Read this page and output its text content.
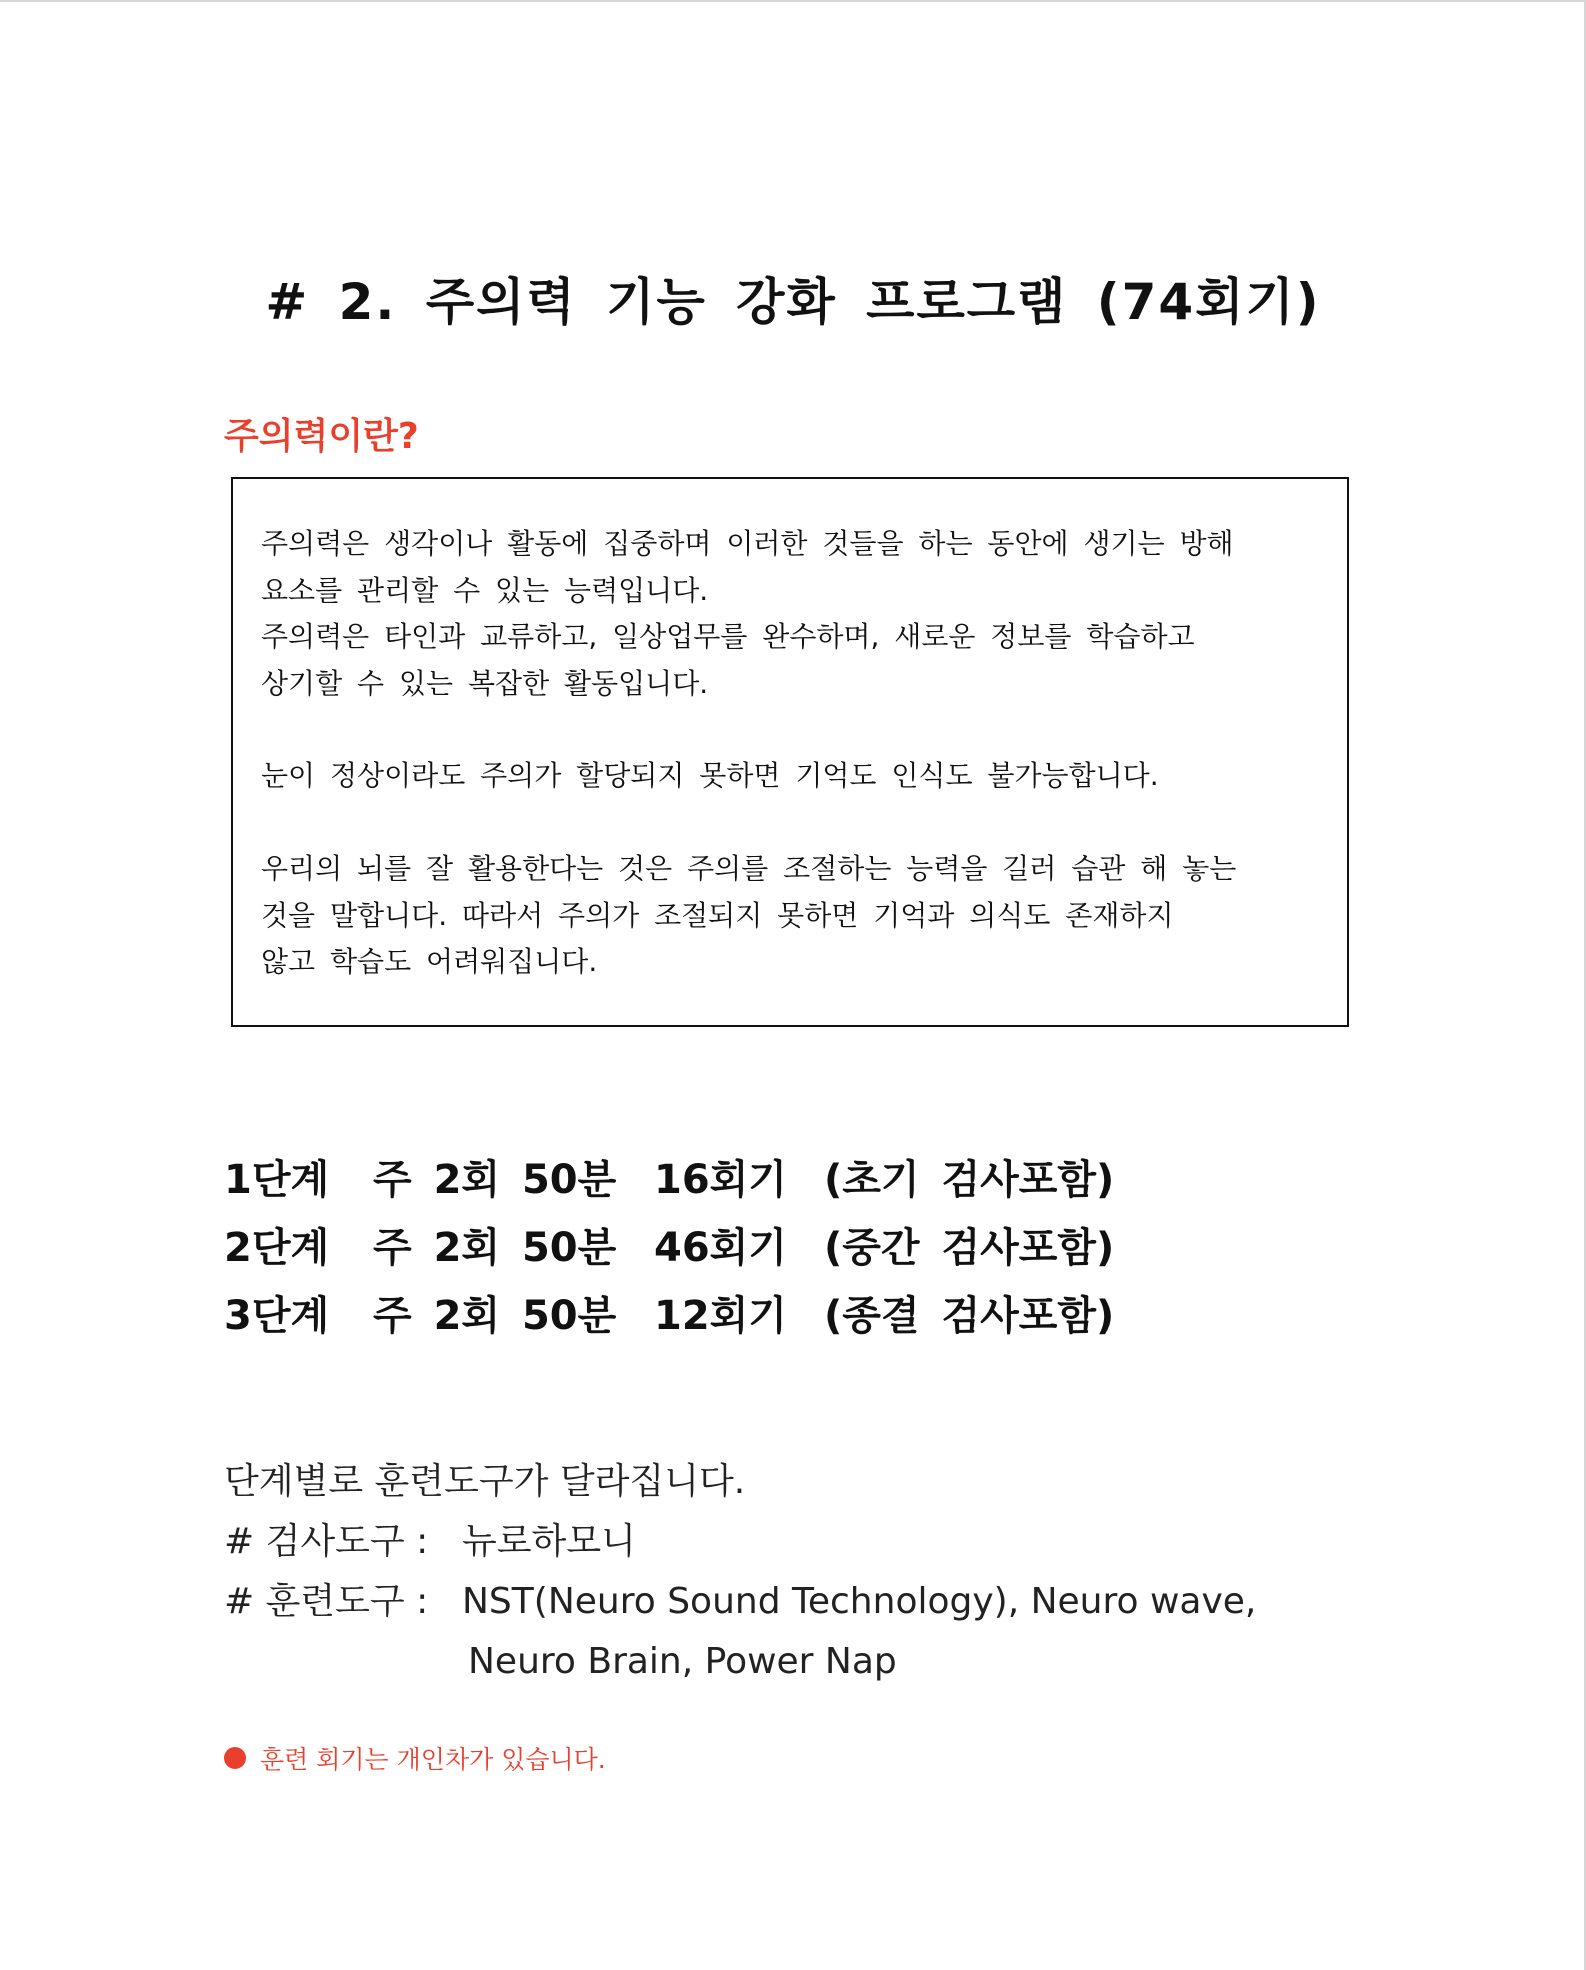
# 2. 주의력 기능 강화 프로그램 (74회기)
주의력이란?
주의력은 생각이나 활동에 집중하며 이러한 것들을 하는 동안에 생기는 방해
요소를 관리할 수 있는 능력입니다.
주의력은 타인과 교류하고, 일상업무를 완수하며, 새로운 정보를 학습하고
상기할 수 있는 복잡한 활동입니다.
눈이 정상이라도 주의가 할당되지 못하면 기억도 인식도 불가능합니다.
우리의 뇌를 잘 활용한다는 것은 주의를 조절하는 능력을 길러 습관 해 놓는
것을 말합니다. 따라서 주의가 조절되지 못하면 기억과 의식도 존재하지
않고 학습도 어려워집니다.
1단계 주 2회 50분 16회기 (초기 검사포함)
2단계 주 2회 50분 46회기 (중간 검사포함)
3단계 주 2회 50분 12회기 (종결 검사포함)
단계별로 훈련도구가 달라집니다.
# 검사도구 : 뉴로하모니
# 훈련도구 : NST(Neuro Sound Technology), Neuro wave,
Neuro Brain, Power Nap
훈련 회기는 개인차가 있습니다.
